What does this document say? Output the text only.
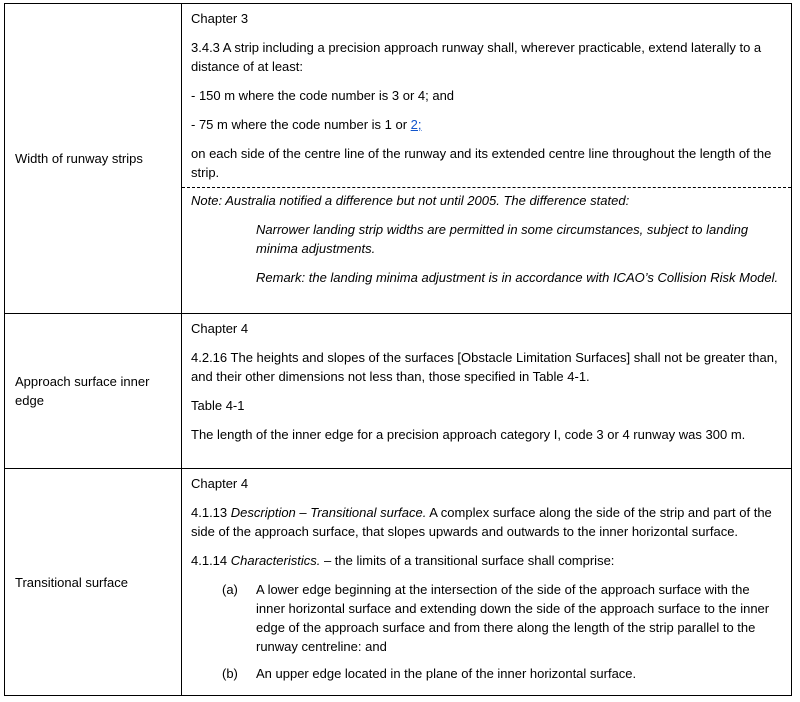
Width of runway strips

Chapter 3

3.4.3 A strip including a precision approach runway shall, wherever practicable, extend laterally to a distance of at least:

- 150 m where the code number is 3 or 4; and

- 75 m where the code number is 1 or 2;

on each side of the centre line of the runway and its extended centre line throughout the length of the strip.

Note: Australia notified a difference but not until 2005. The difference stated:

Narrower landing strip widths are permitted in some circumstances, subject to landing minima adjustments.

Remark: the landing minima adjustment is in accordance with ICAO’s Collision Risk Model.

Approach surface inner edge

Chapter 4

4.2.16 The heights and slopes of the surfaces [Obstacle Limitation Surfaces] shall not be greater than, and their other dimensions not less than, those specified in Table 4-1.

Table 4-1

The length of the inner edge for a precision approach category I, code 3 or 4 runway was 300 m.

Transitional surface

Chapter 4

4.1.13 Description – Transitional surface. A complex surface along the side of the strip and part of the side of the approach surface, that slopes upwards and outwards to the inner horizontal surface.

4.1.14 Characteristics. – the limits of a transitional surface shall comprise:

(a)	A lower edge beginning at the intersection of the side of the approach surface with the inner horizontal surface and extending down the side of the approach surface to the inner edge of the approach surface and from there along the length of the strip parallel to the runway centreline: and
(b)	An upper edge located in the plane of the inner horizontal surface.
